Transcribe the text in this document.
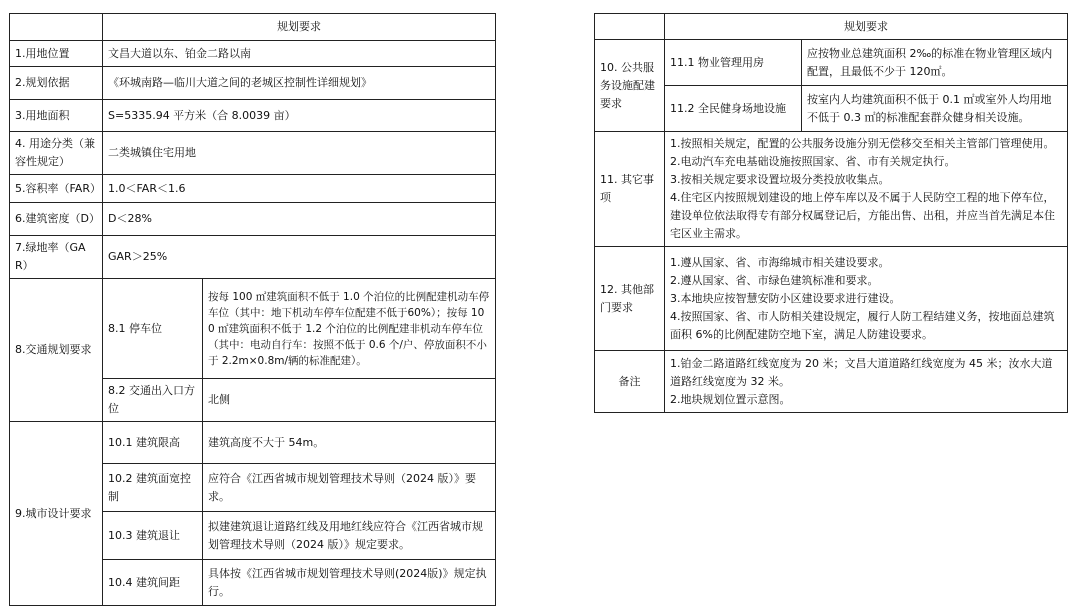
	规划要求	
1.用地位置	文昌大道以东、铂金二路以南	
2.规划依据	《环城南路—临川大道之间的老城区控制性详细规划》	
3.用地面积	S=5335.94 平方米（合 8.0039 亩）	
4. 用途分类（兼容性规定）	二类城镇住宅用地	
5.容积率（FAR）	1.0＜FAR＜1.6	
6.建筑密度（D）	D＜28%	
7.绿地率（GAR）	GAR＞25%	
8.交通规划要求	8.1 停车位	按每 100 ㎡建筑面积不低于 1.0 个泊位的比例配建机动车停车位（其中：地下机动车停车位配建不低于60%）；按每 100 ㎡建筑面积不低于 1.2 个泊位的比例配建非机动车停车位（其中：电动自行车：按照不低于 0.6 个/户、停放面积不小于 2.2m×0.8m/辆的标准配建）。
	8.2 交通出入口方位	北侧
9.城市设计要求	10.1 建筑限高	建筑高度不大于 54m。
	10.2 建筑面宽控制	应符合《江西省城市规划管理技术导则（2024 版）》要求。
	10.3 建筑退让	拟建建筑退让道路红线及用地红线应符合《江西省城市规划管理技术导则（2024 版）》规定要求。
	10.4 建筑间距	具体按《江西省城市规划管理技术导则(2024版)》规定执行。
	规划要求	
10. 公共服务设施配建要求	11.1 物业管理用房	应按物业总建筑面积 2‰的标准在物业管理区域内配置，且最低不少于 120㎡。
	11.2 全民健身场地设施	按室内人均建筑面积不低于 0.1 ㎡或室外人均用地不低于 0.3 ㎡的标准配套群众健身相关设施。
11. 其它事项	1.按照相关规定，配置的公共服务设施分别无偿移交至相关主管部门管理使用。
2.电动汽车充电基础设施按照国家、省、市有关规定执行。
3.按相关规定要求设置垃圾分类投放收集点。
4.住宅区内按照规划建设的地上停车库以及不属于人民防空工程的地下停车位，建设单位依法取得专有部分权属登记后，方能出售、出租，并应当首先满足本住宅区业主需求。	

12. 其他部门要求	1.遵从国家、省、市海绵城市相关建设要求。
2.遵从国家、省、市绿色建筑标准和要求。
3.本地块应按智慧安防小区建设要求进行建设。
4.按照国家、省、市人防相关建设规定，履行人防工程结建义务，按地面总建筑面积 6%的比例配建防空地下室，满足人防建设要求。	

备注	1.铂金二路道路红线宽度为 20 米；文昌大道道路红线宽度为 45 米；汝水大道道路红线宽度为 32 米。
2.地块规划位置示意图。	
